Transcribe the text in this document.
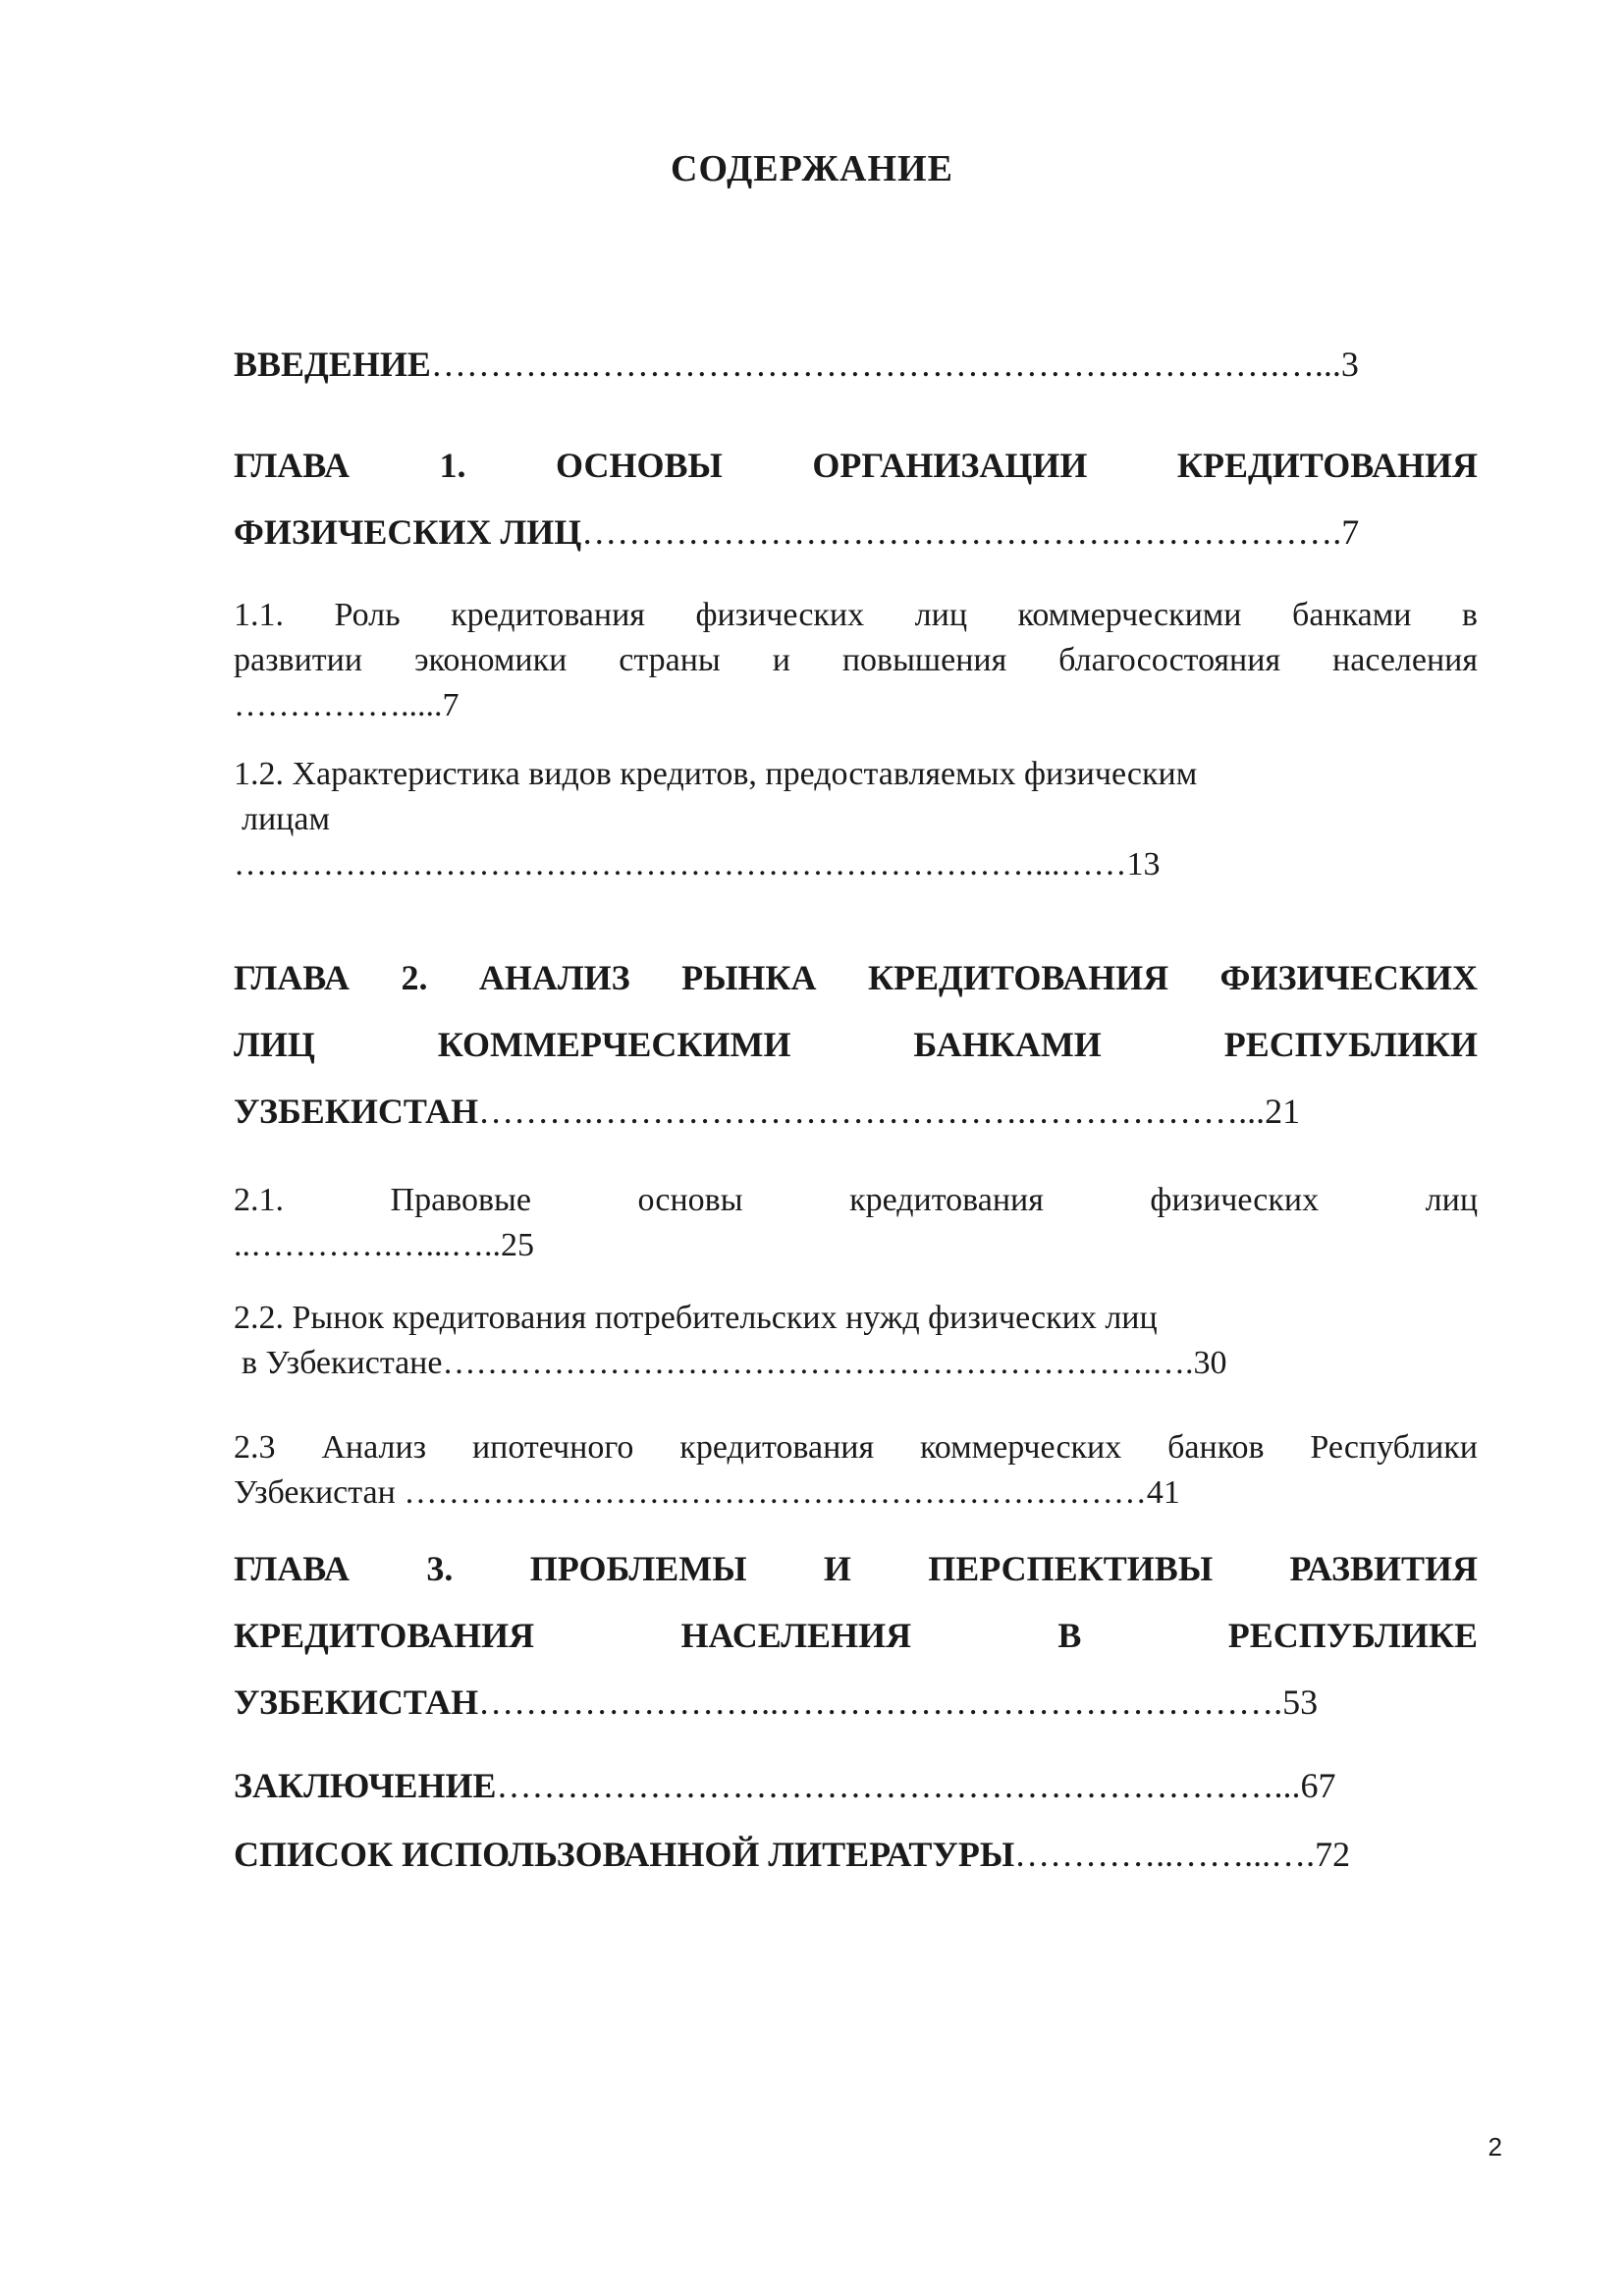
СОДЕРЖАНИЕ
ВВЕДЕНИЕ…………..……………………………………….………….…...3
ГЛАВА	1.	ОСНОВЫ	ОРГАНИЗАЦИИ	КРЕДИТОВАНИЯ
ФИЗИЧЕСКИХ ЛИЦ……………………………………….……………….7
1.1. Роль кредитования физических лиц коммерческими банками в
развитии экономики страны и повышения благосостояния населения
…………….....7
1.2. Характеристика видов кредитов, предоставляемых физическим
лицам
………………………………………………………………...……13
ГЛАВА 2. АНАЛИЗ РЫНКА КРЕДИТОВАНИЯ ФИЗИЧЕСКИХ
ЛИЦ	КОММЕРЧЕСКИМИ	БАНКАМИ	РЕСПУБЛИКИ
УЗБЕКИСТАН……….……………………………….………………...21
2.1.	Правовые	основы	кредитования	физических	лиц
..………….…...…..25
2.2. Рынок кредитования потребительских нужд физических лиц
в Узбекистане……………………………………………………….….30
2.3 Анализ ипотечного кредитования коммерческих банков Республики
Узбекистан …………………….……………………………………41
ГЛАВА 3. ПРОБЛЕМЫ И ПЕРСПЕКТИВЫ РАЗВИТИЯ
КРЕДИТОВАНИЯ	НАСЕЛЕНИЯ	В	РЕСПУБЛИКЕ
УЗБЕКИСТАН……………………..…………………………………….53
ЗАКЛЮЧЕНИЕ…………………………………………………………...67
СПИСОК ИСПОЛЬЗОВАННОЙ ЛИТЕРАТУРЫ…………..……...….72
2
